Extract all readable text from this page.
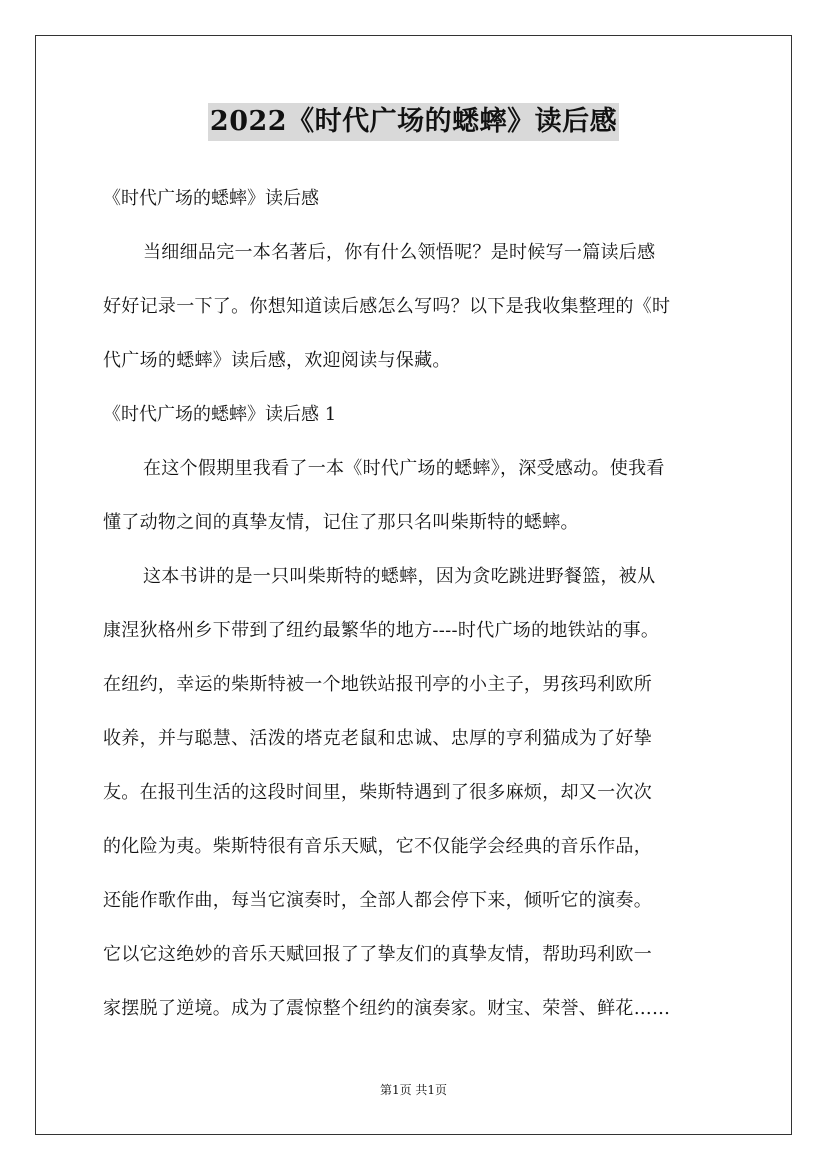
2022《时代广场的蟋蟀》读后感

《时代广场的蟋蟀》读后感

当细细品完一本名著后，你有什么领悟呢？是时候写一篇读后感

好好记录一下了。你想知道读后感怎么写吗？以下是我收集整理的《时

代广场的蟋蟀》读后感，欢迎阅读与保藏。

《时代广场的蟋蟀》读后感 1

在这个假期里我看了一本《时代广场的蟋蟀》，深受感动。使我看

懂了动物之间的真挚友情，记住了那只名叫柴斯特的蟋蟀。

这本书讲的是一只叫柴斯特的蟋蟀，因为贪吃跳进野餐篮，被从

康涅狄格州乡下带到了纽约最繁华的地方----时代广场的地铁站的事。

在纽约，幸运的柴斯特被一个地铁站报刊亭的小主子，男孩玛利欧所

收养，并与聪慧、活泼的塔克老鼠和忠诚、忠厚的亨利猫成为了好挚

友。在报刊生活的这段时间里，柴斯特遇到了很多麻烦，却又一次次

的化险为夷。柴斯特很有音乐天赋，它不仅能学会经典的音乐作品，

还能作歌作曲，每当它演奏时，全部人都会停下来，倾听它的演奏。

它以它这绝妙的音乐天赋回报了了挚友们的真挚友情，帮助玛利欧一

家摆脱了逆境。成为了震惊整个纽约的演奏家。财宝、荣誉、鲜花……

第1页 共1页
